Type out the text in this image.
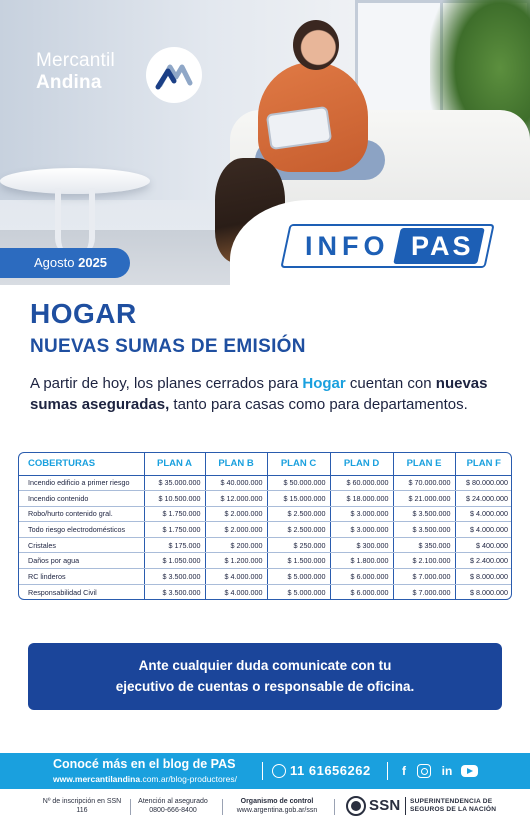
Mercantil
Andina
Agosto 2025
INFO PAS
HOGAR
NUEVAS SUMAS DE EMISIÓN

A partir de hoy, los planes cerrados para Hogar cuentan con nuevas sumas aseguradas, tanto para casas como para departamentos.

COBERTURAS	PLAN A	PLAN B	PLAN C	PLAN D	PLAN E	PLAN F
Incendio edificio a primer riesgo	$ 35.000.000	$ 40.000.000	$ 50.000.000	$ 60.000.000	$ 70.000.000	$ 80.000.000
Incendio contenido	$ 10.500.000	$ 12.000.000	$ 15.000.000	$ 18.000.000	$ 21.000.000	$ 24.000.000
Robo/hurto contenido gral.	$ 1.750.000	$ 2.000.000	$ 2.500.000	$ 3.000.000	$ 3.500.000	$ 4.000.000
Todo riesgo electrodomésticos	$ 1.750.000	$ 2.000.000	$ 2.500.000	$ 3.000.000	$ 3.500.000	$ 4.000.000
Cristales	$ 175.000	$ 200.000	$ 250.000	$ 300.000	$ 350.000	$ 400.000
Daños por agua	$ 1.050.000	$ 1.200.000	$ 1.500.000	$ 1.800.000	$ 2.100.000	$ 2.400.000
RC linderos	$ 3.500.000	$ 4.000.000	$ 5.000.000	$ 6.000.000	$ 7.000.000	$ 8.000.000
Responsabilidad Civil	$ 3.500.000	$ 4.000.000	$ 5.000.000	$ 6.000.000	$ 7.000.000	$ 8.000.000
Ante cualquier duda comunicate con tu
ejecutivo de cuentas o responsable de oficina.
Conocé más en el blog de PAS
www.mercantilandina.com.ar/blog-productores/
11 61656262	f	in
Nº de inscripción en SSN
116
Atención al asegurado
0800-666-8400
Organismo de control
www.argentina.gob.ar/ssn	SSN SUPERINTENDENCIA DE
SEGUROS DE LA NACIÓN
